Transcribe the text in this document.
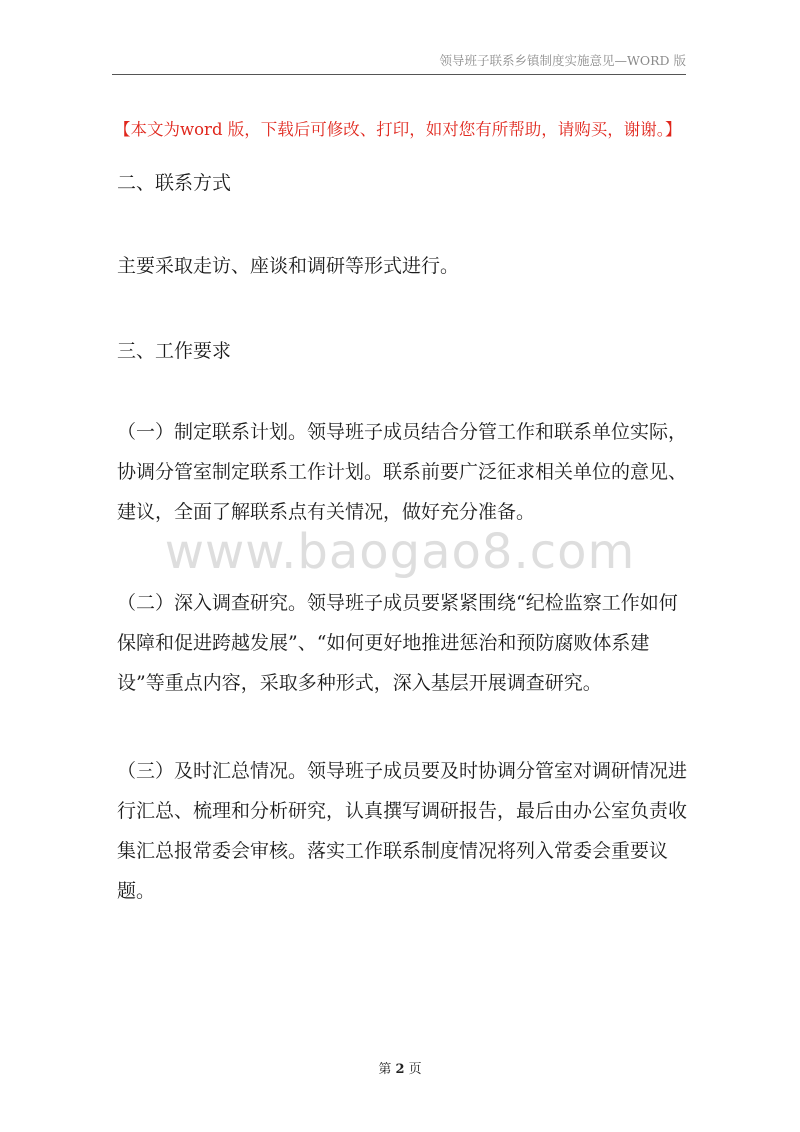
领导班子联系乡镇制度实施意见—WORD 版
【本文为word 版，下载后可修改、打印，如对您有所帮助，请购买，谢谢。】

二、联系方式

主要采取走访、座谈和调研等形式进行。

三、工作要求

（一）制定联系计划。领导班子成员结合分管工作和联系单位实际，协调分管室制定联系工作计划。联系前要广泛征求相关单位的意见、建议，全面了解联系点有关情况，做好充分准备。

www.baogao8.com

（二）深入调查研究。领导班子成员要紧紧围绕“纪检监察工作如何保障和促进跨越发展”、“如何更好地推进惩治和预防腐败体系建设”等重点内容，采取多种形式，深入基层开展调查研究。

（三）及时汇总情况。领导班子成员要及时协调分管室对调研情况进行汇总、梳理和分析研究，认真撰写调研报告，最后由办公室负责收集汇总报常委会审核。落实工作联系制度情况将列入常委会重要议题。

第 2 页
